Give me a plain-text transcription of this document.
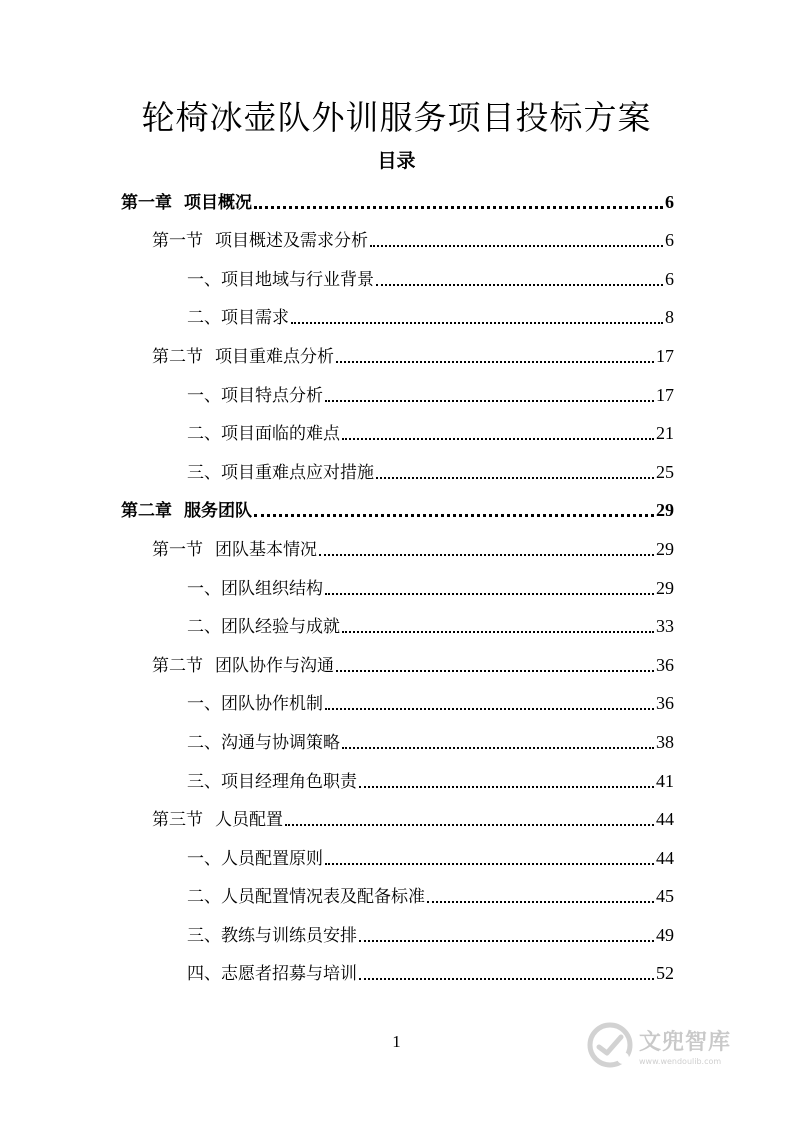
轮椅冰壶队外训服务项目投标方案
目录
第一章 项目概况	6
第一节 项目概述及需求分析	6
一、项目地域与行业背景	6
二、项目需求	8
第二节 项目重难点分析	17
一、项目特点分析	17
二、项目面临的难点	21
三、项目重难点应对措施	25
第二章 服务团队	29
第一节 团队基本情况	29
一、团队组织结构	29
二、团队经验与成就	33
第二节 团队协作与沟通	36
一、团队协作机制	36
二、沟通与协调策略	38
三、项目经理角色职责	41
第三节 人员配置	44
一、人员配置原则	44
二、人员配置情况表及配备标准	45
三、教练与训练员安排	49
四、志愿者招募与培训	52
1	文兜智库
www.wendoulib.com
